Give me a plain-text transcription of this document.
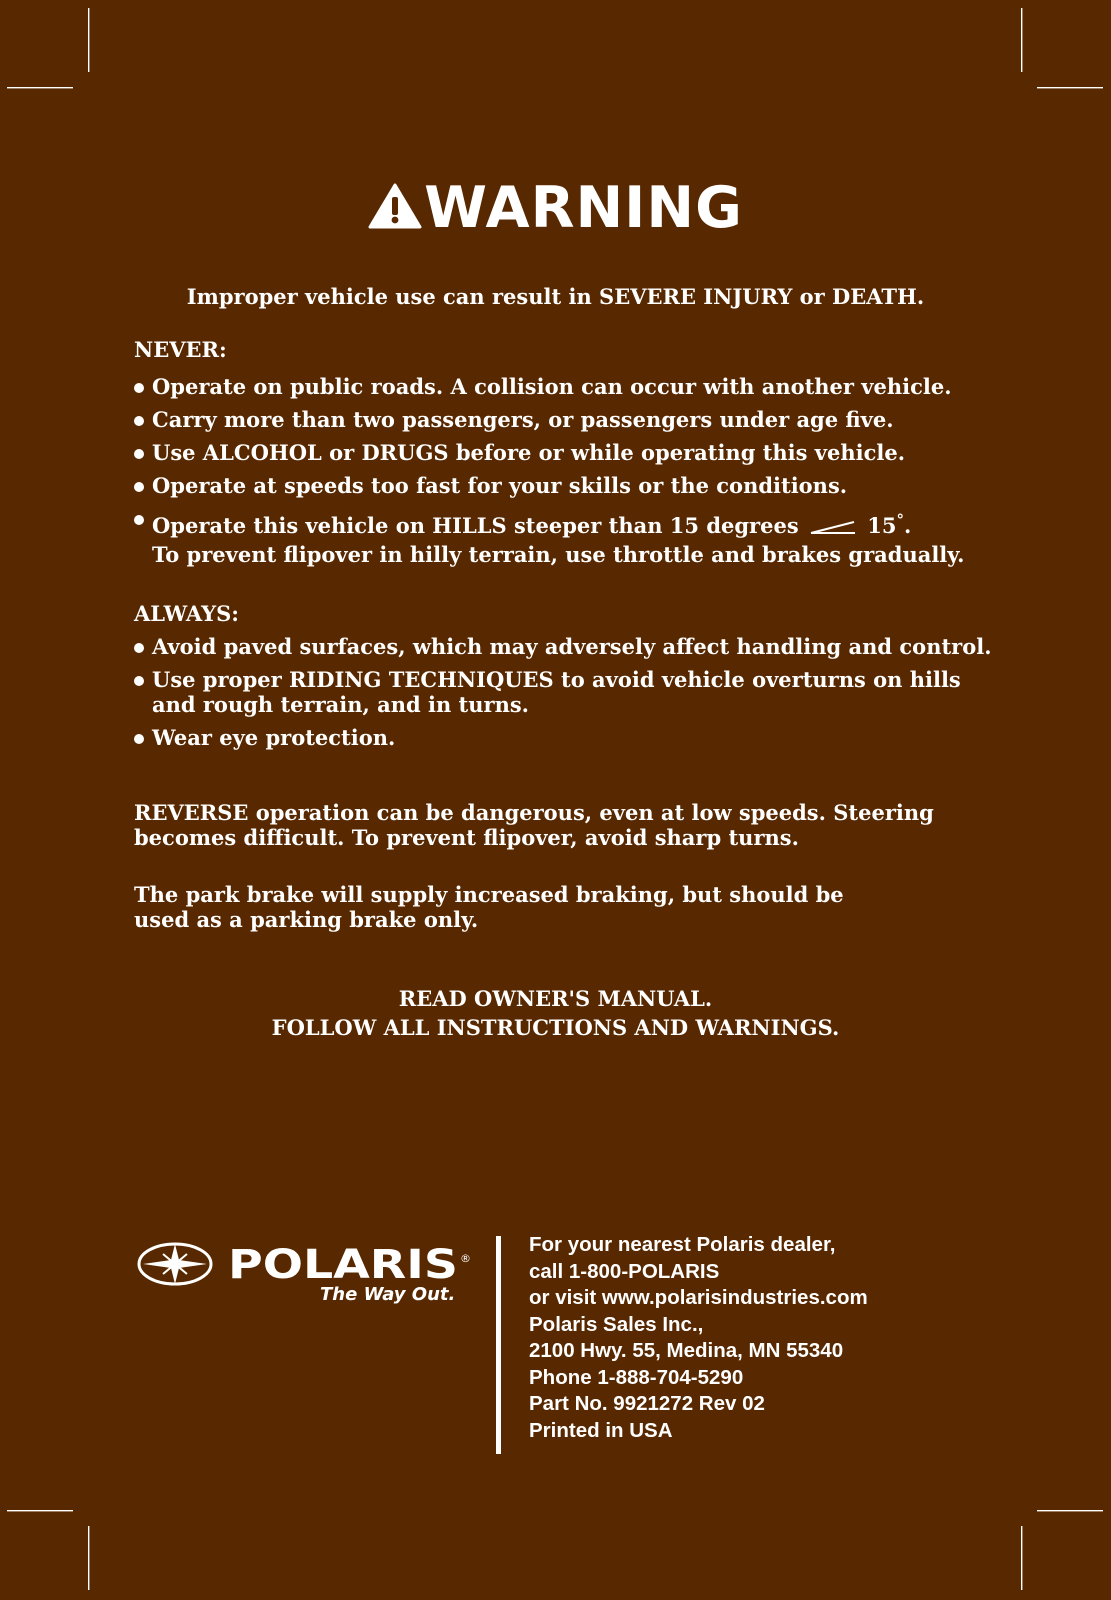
WARNING
Improper vehicle use can result in SEVERE INJURY or DEATH.
NEVER:
Operate on public roads. A collision can occur with another vehicle.
Carry more than two passengers, or passengers under age five.
Use ALCOHOL or DRUGS before or while operating this vehicle.
Operate at speeds too fast for your skills or the conditions.
Operate this vehicle on HILLS steeper than 15 degrees	15°.
To prevent flipover in hilly terrain, use throttle and brakes gradually.
ALWAYS:
Avoid paved surfaces, which may adversely affect handling and control.
Use proper RIDING TECHNIQUES to avoid vehicle overturns on hills
and rough terrain, and in turns.
Wear eye protection.
REVERSE operation can be dangerous, even at low speeds. Steering
becomes difficult. To prevent flipover, avoid sharp turns.
The park brake will supply increased braking, but should be
used as a parking brake only.
READ OWNER'S MANUAL.
FOLLOW ALL INSTRUCTIONS AND WARNINGS.
POLARIS ®
The Way Out.
For your nearest Polaris dealer,
call 1-800-POLARIS
or visit www.polarisindustries.com
Polaris Sales Inc.,
2100 Hwy. 55, Medina, MN 55340
Phone 1-888-704-5290
Part No. 9921272 Rev 02
Printed in USA
